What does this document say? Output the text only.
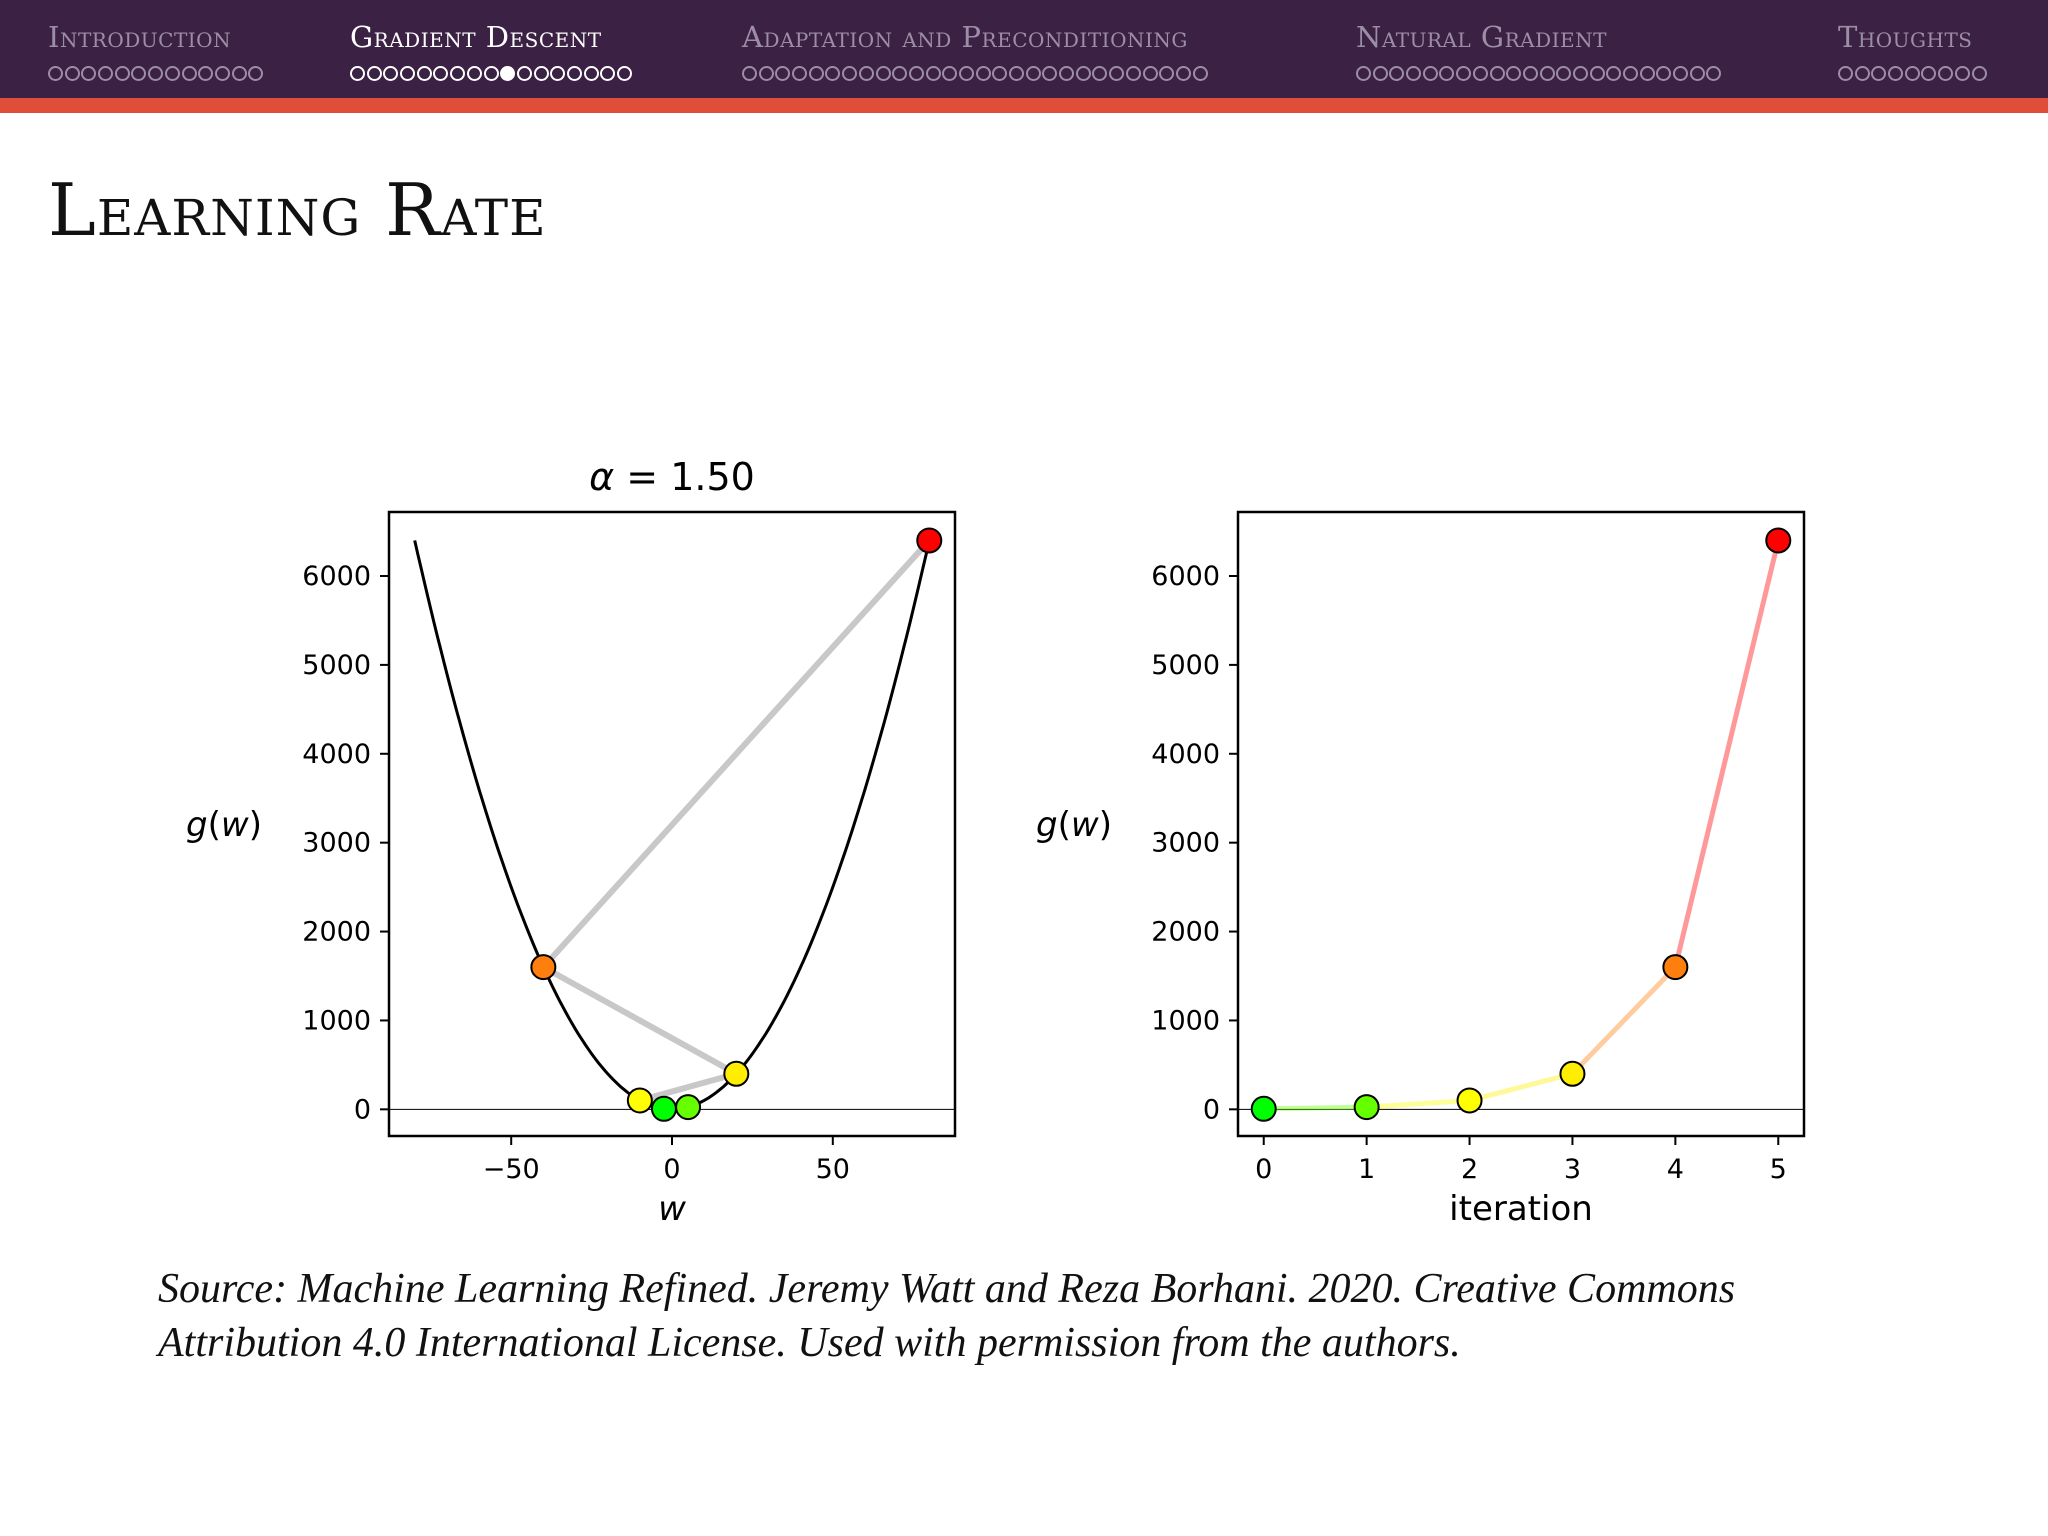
Introduction	Gradient Descent	Adaptation and Preconditioning	Natural Gradient	Thoughts
Learning Rate
0
1000
2000
3000
4000
5000
6000
−50	0	50
w
g(w)
α = 1.50
0
1000
2000
3000
4000
5000
6000
0	1	2	3	4	5
iteration
g(w)
Source: Machine Learning Refined. Jeremy Watt and Reza Borhani. 2020. Creative Commons
Attribution 4.0 International License. Used with permission from the authors.
